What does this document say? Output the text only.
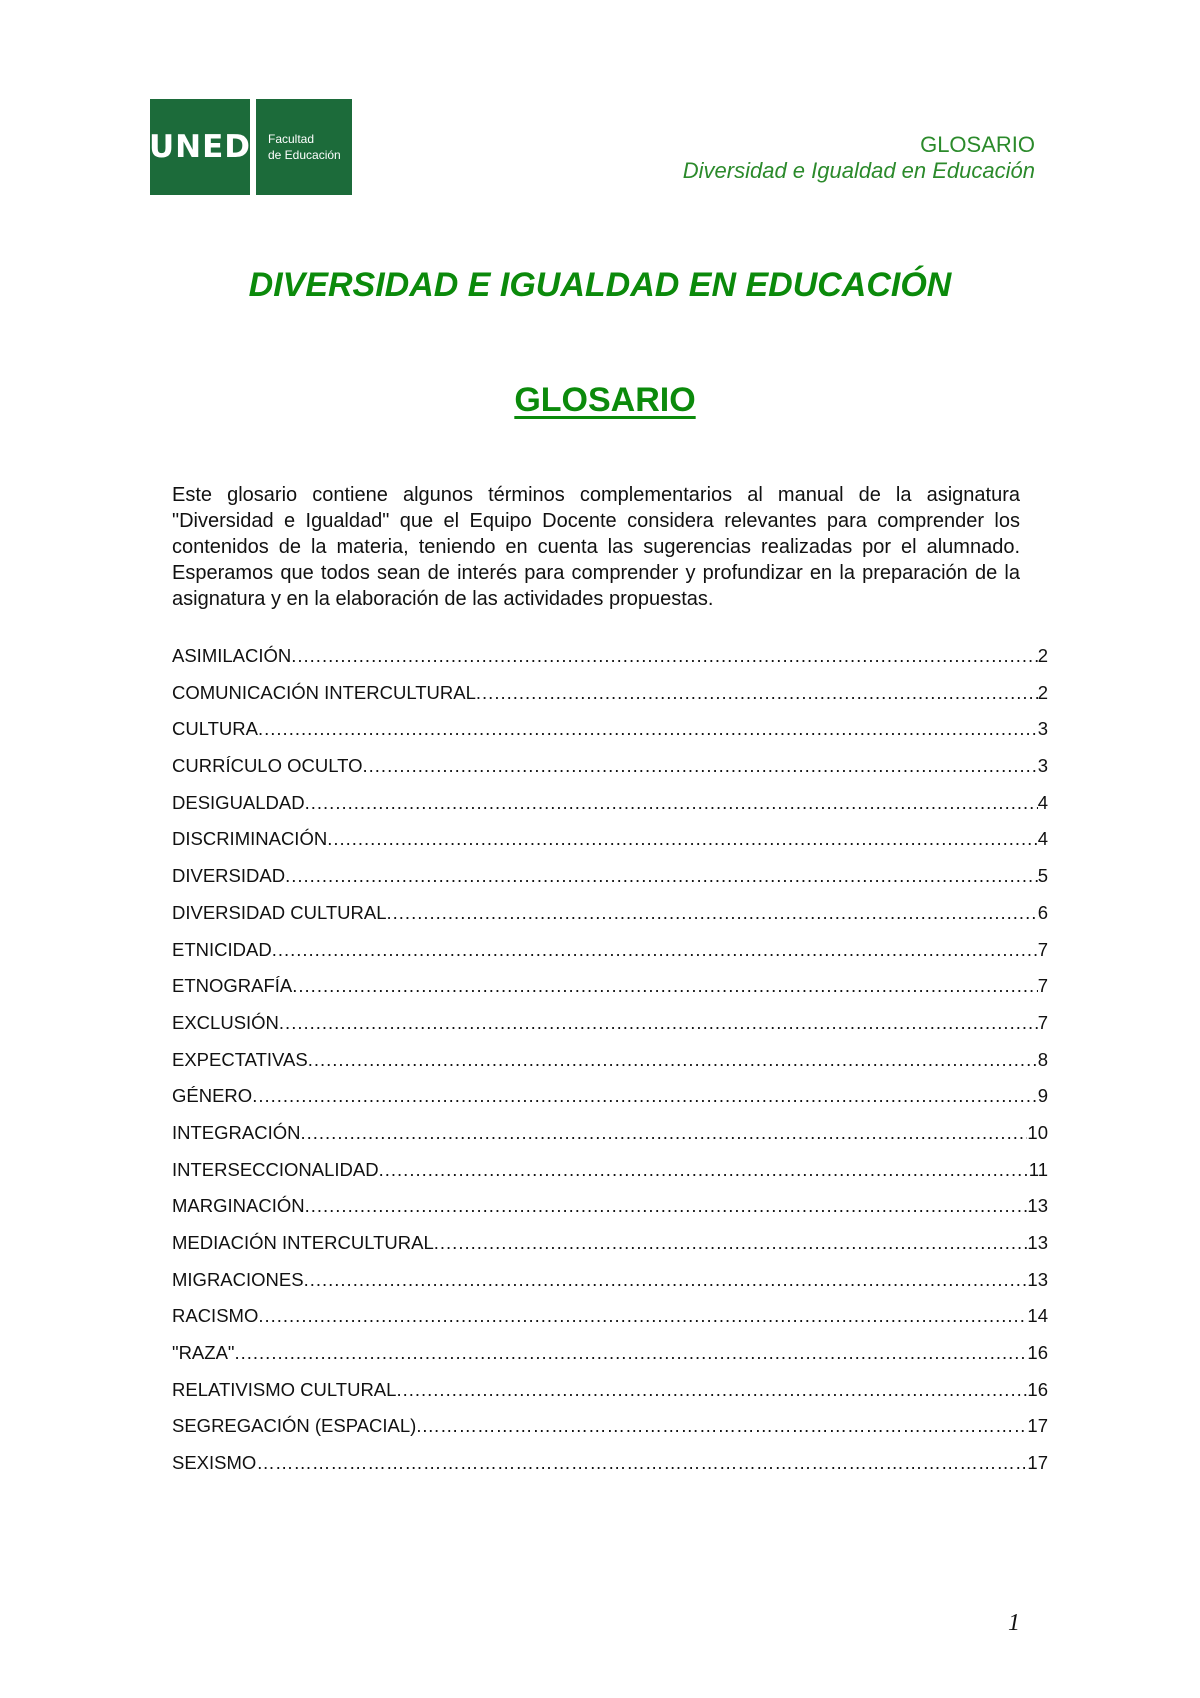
UNED Facultad
de Educación	GLOSARIO
Diversidad e Igualdad en Educación
DIVERSIDAD E IGUALDAD EN EDUCACIÓN
GLOSARIO

Este glosario contiene algunos términos complementarios al manual de la asignatura "Diversidad e Igualdad" que el Equipo Docente considera relevantes para comprender los contenidos de la materia, teniendo en cuenta las sugerencias realizadas por el alumnado. Esperamos que todos sean de interés para comprender y profundizar en la preparación de la asignatura y en la elaboración de las actividades propuestas.

ASIMILACIÓN .....	2
COMUNICACIÓN INTERCULTURAL .....	2
CULTURA .....	3
CURRÍCULO OCULTO .....	3
DESIGUALDAD .....	4
DISCRIMINACIÓN .....	4
DIVERSIDAD .....	5
DIVERSIDAD CULTURAL .....	6
ETNICIDAD .....	7
ETNOGRAFÍA .....	7
EXCLUSIÓN .....	7
EXPECTATIVAS .....	8
GÉNERO .....	9
INTEGRACIÓN .....	10
INTERSECCIONALIDAD .....	11
MARGINACIÓN .....	13
MEDIACIÓN INTERCULTURAL .....	13
MIGRACIONES .....	13
RACISMO .....	14
"RAZA" .....	16
RELATIVISMO CULTURAL .....	16
SEGREGACIÓN (ESPACIAL). …………………………………………………………………………………………………………………………………………………………	17
SEXISMO …………………………………………………………………………………………………………………………………………………………	17
1
